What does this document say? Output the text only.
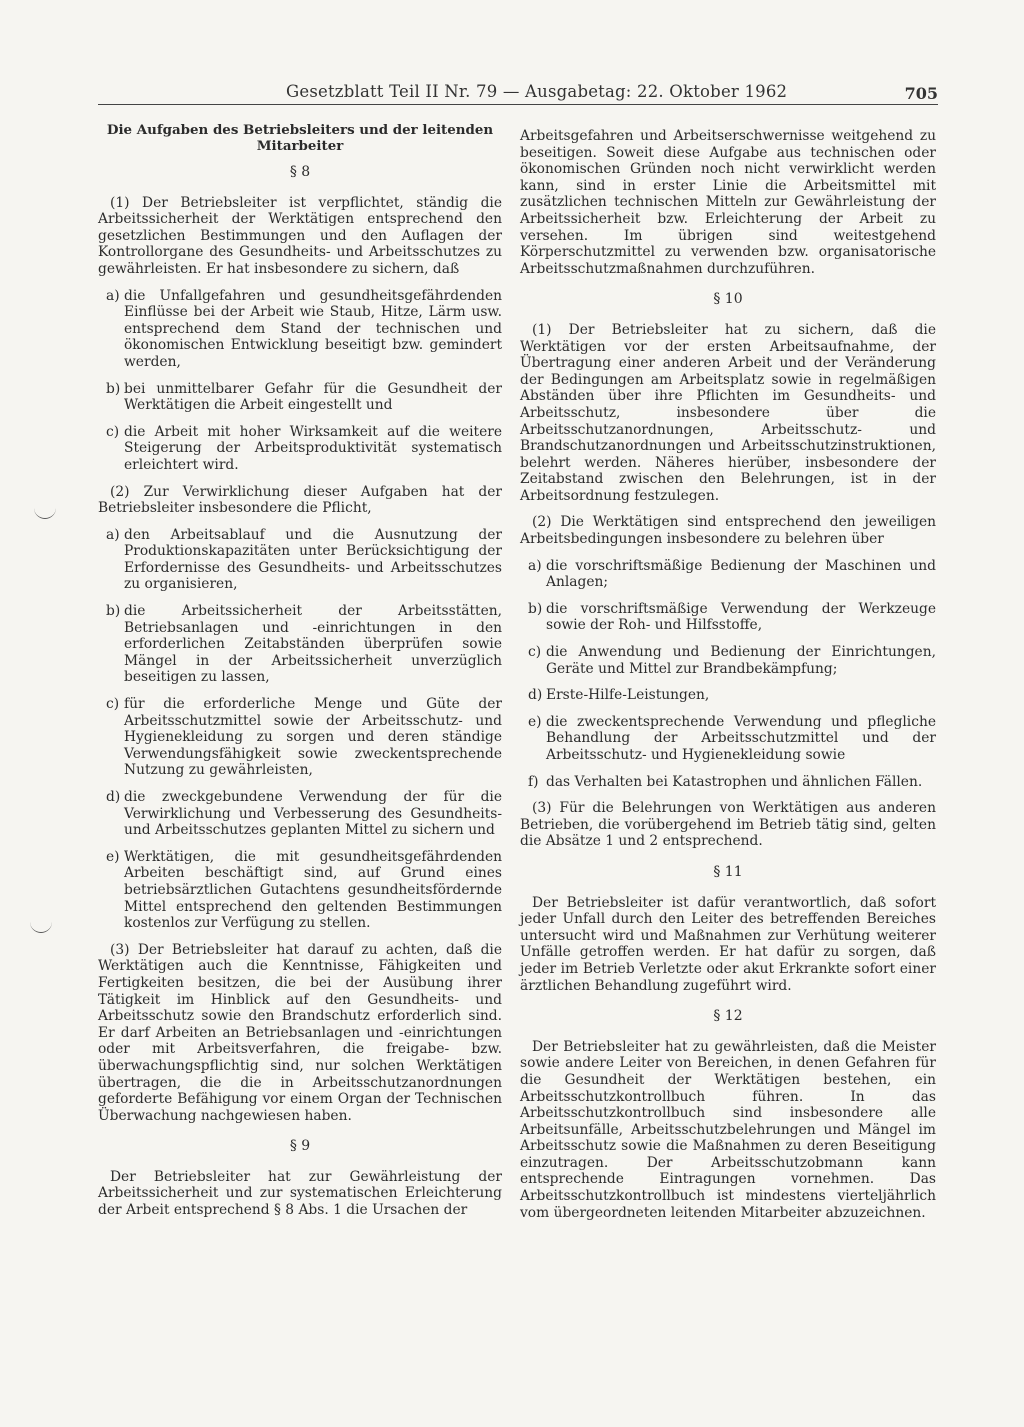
Gesetzblatt Teil II Nr. 79 — Ausgabetag: 22. Oktober 1962	705
Die Aufgaben des Betriebsleiters und der leitenden Mitarbeiter
§ 8

(1) Der Betriebsleiter ist verpflichtet, ständig die Arbeitssicherheit der Werktätigen entsprechend den gesetzlichen Bestimmungen und den Auflagen der Kontrollorgane des Gesundheits- und Arbeitsschutzes zu gewährleisten. Er hat insbesondere zu sichern, daß

a) die Unfallgefahren und gesundheitsgefährdenden Einflüsse bei der Arbeit wie Staub, Hitze, Lärm usw. entsprechend dem Stand der technischen und ökonomischen Entwicklung beseitigt bzw. gemindert werden,
b) bei unmittelbarer Gefahr für die Gesundheit der Werktätigen die Arbeit eingestellt und
c) die Arbeit mit hoher Wirksamkeit auf die weitere Steigerung der Arbeitsproduktivität systematisch erleichtert wird.

(2) Zur Verwirklichung dieser Aufgaben hat der Betriebsleiter insbesondere die Pflicht,

a) den Arbeitsablauf und die Ausnutzung der Produktionskapazitäten unter Berücksichtigung der Erfordernisse des Gesundheits- und Arbeitsschutzes zu organisieren,
b) die Arbeitssicherheit der Arbeitsstätten, Betriebsanlagen und -einrichtungen in den erforderlichen Zeitabständen überprüfen sowie Mängel in der Arbeitssicherheit unverzüglich beseitigen zu lassen,
c) für die erforderliche Menge und Güte der Arbeitsschutzmittel sowie der Arbeitsschutz- und Hygienekleidung zu sorgen und deren ständige Verwendungsfähigkeit sowie zweckentsprechende Nutzung zu gewährleisten,
d) die zweckgebundene Verwendung der für die Verwirklichung und Verbesserung des Gesundheits- und Arbeitsschutzes geplanten Mittel zu sichern und
e) Werktätigen, die mit gesundheitsgefährdenden Arbeiten beschäftigt sind, auf Grund eines betriebsärztlichen Gutachtens gesundheitsfördernde Mittel entsprechend den geltenden Bestimmungen kostenlos zur Verfügung zu stellen.

(3) Der Betriebsleiter hat darauf zu achten, daß die Werktätigen auch die Kenntnisse, Fähigkeiten und Fertigkeiten besitzen, die bei der Ausübung ihrer Tätigkeit im Hinblick auf den Gesundheits- und Arbeitsschutz sowie den Brandschutz erforderlich sind. Er darf Arbeiten an Betriebsanlagen und -einrichtungen oder mit Arbeitsverfahren, die freigabe- bzw. überwachungspflichtig sind, nur solchen Werktätigen übertragen, die die in Arbeitsschutzanordnungen geforderte Befähigung vor einem Organ der Technischen Überwachung nachgewiesen haben.

§ 9

Der Betriebsleiter hat zur Gewährleistung der Arbeitssicherheit und zur systematischen Erleichterung der Arbeit entsprechend § 8 Abs. 1 die Ursachen der

Arbeitsgefahren und Arbeitserschwernisse weitgehend zu beseitigen. Soweit diese Aufgabe aus technischen oder ökonomischen Gründen noch nicht verwirklicht werden kann, sind in erster Linie die Arbeitsmittel mit zusätzlichen technischen Mitteln zur Gewährleistung der Arbeitssicherheit bzw. Erleichterung der Arbeit zu versehen. Im übrigen sind weitestgehend Körperschutzmittel zu verwenden bzw. organisatorische Arbeitsschutzmaßnahmen durchzuführen.

§ 10

(1) Der Betriebsleiter hat zu sichern, daß die Werktätigen vor der ersten Arbeitsaufnahme, der Übertragung einer anderen Arbeit und der Veränderung der Bedingungen am Arbeitsplatz sowie in regelmäßigen Abständen über ihre Pflichten im Gesundheits- und Arbeitsschutz, insbesondere über die Arbeitsschutzanordnungen, Arbeitsschutz- und Brandschutzanordnungen und Arbeitsschutzinstruktionen, belehrt werden. Näheres hierüber, insbesondere der Zeitabstand zwischen den Belehrungen, ist in der Arbeitsordnung festzulegen.

(2) Die Werktätigen sind entsprechend den jeweiligen Arbeitsbedingungen insbesondere zu belehren über

a) die vorschriftsmäßige Bedienung der Maschinen und Anlagen;
b) die vorschriftsmäßige Verwendung der Werkzeuge sowie der Roh- und Hilfsstoffe,
c) die Anwendung und Bedienung der Einrichtungen, Geräte und Mittel zur Brandbekämpfung;
d) Erste-Hilfe-Leistungen,
e) die zweckentsprechende Verwendung und pflegliche Behandlung der Arbeitsschutzmittel und der Arbeitsschutz- und Hygienekleidung sowie
f) das Verhalten bei Katastrophen und ähnlichen Fällen.

(3) Für die Belehrungen von Werktätigen aus anderen Betrieben, die vorübergehend im Betrieb tätig sind, gelten die Absätze 1 und 2 entsprechend.

§ 11

Der Betriebsleiter ist dafür verantwortlich, daß sofort jeder Unfall durch den Leiter des betreffenden Bereiches untersucht wird und Maßnahmen zur Verhütung weiterer Unfälle getroffen werden. Er hat dafür zu sorgen, daß jeder im Betrieb Verletzte oder akut Erkrankte sofort einer ärztlichen Behandlung zugeführt wird.

§ 12

Der Betriebsleiter hat zu gewährleisten, daß die Meister sowie andere Leiter von Bereichen, in denen Gefahren für die Gesundheit der Werktätigen bestehen, ein Arbeitsschutzkontrollbuch führen. In das Arbeitsschutzkontrollbuch sind insbesondere alle Arbeitsunfälle, Arbeitsschutzbelehrungen und Mängel im Arbeitsschutz sowie die Maßnahmen zu deren Beseitigung einzutragen. Der Arbeitsschutzobmann kann entsprechende Eintragungen vornehmen. Das Arbeitsschutzkontrollbuch ist mindestens vierteljährlich vom übergeordneten leitenden Mitarbeiter abzuzeichnen.
